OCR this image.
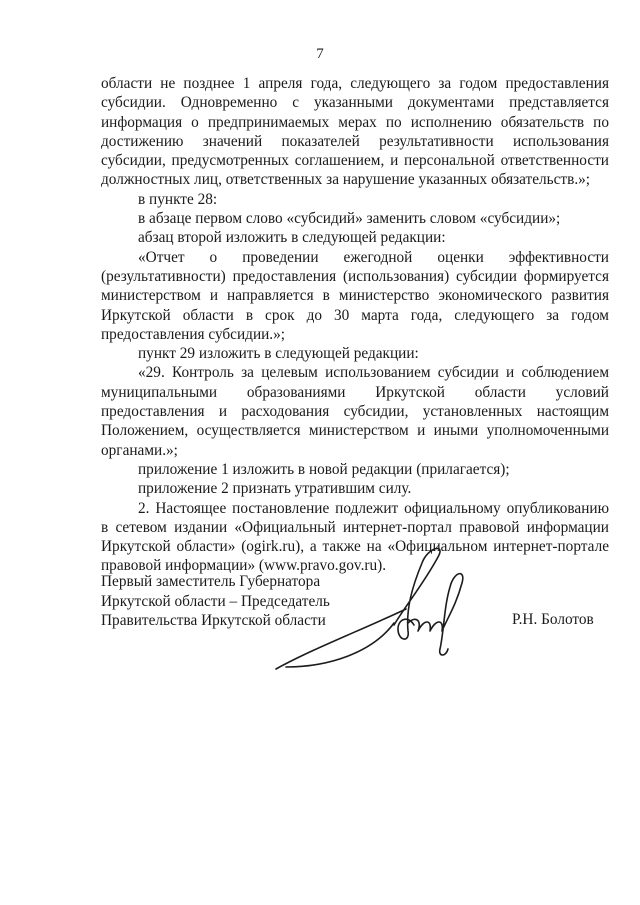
7

области не позднее 1 апреля года, следующего за годом предоставления субсидии. Одновременно с указанными документами представляется информация о предпринимаемых мерах по исполнению обязательств по достижению значений показателей результативности использования субсидии, предусмотренных соглашением, и персональной ответственности должностных лиц, ответственных за нарушение указанных обязательств.»;

в пункте 28:

в абзаце первом слово «субсидий» заменить словом «субсидии»;

абзац второй изложить в следующей редакции:

«Отчет о проведении ежегодной оценки эффективности (результативности) предоставления (использования) субсидии формируется министерством и направляется в министерство экономического развития Иркутской области в срок до 30 марта года, следующего за годом предоставления субсидии.»;

пункт 29 изложить в следующей редакции:

«29. Контроль за целевым использованием субсидии и соблюдением муниципальными образованиями Иркутской области условий предоставления и расходования субсидии, установленных настоящим Положением, осуществляется министерством и иными уполномоченными органами.»;

приложение 1 изложить в новой редакции (прилагается);

приложение 2 признать утратившим силу.

2. Настоящее постановление подлежит официальному опубликованию в сетевом издании «Официальный интернет-портал правовой информации Иркутской области» (ogirk.ru), а также на «Официальном интернет-портале правовой информации» (www.pravo.gov.ru).

Первый заместитель Губернатора
Иркутской области – Председатель
Правительства Иркутской области	Р.Н. Болотов
